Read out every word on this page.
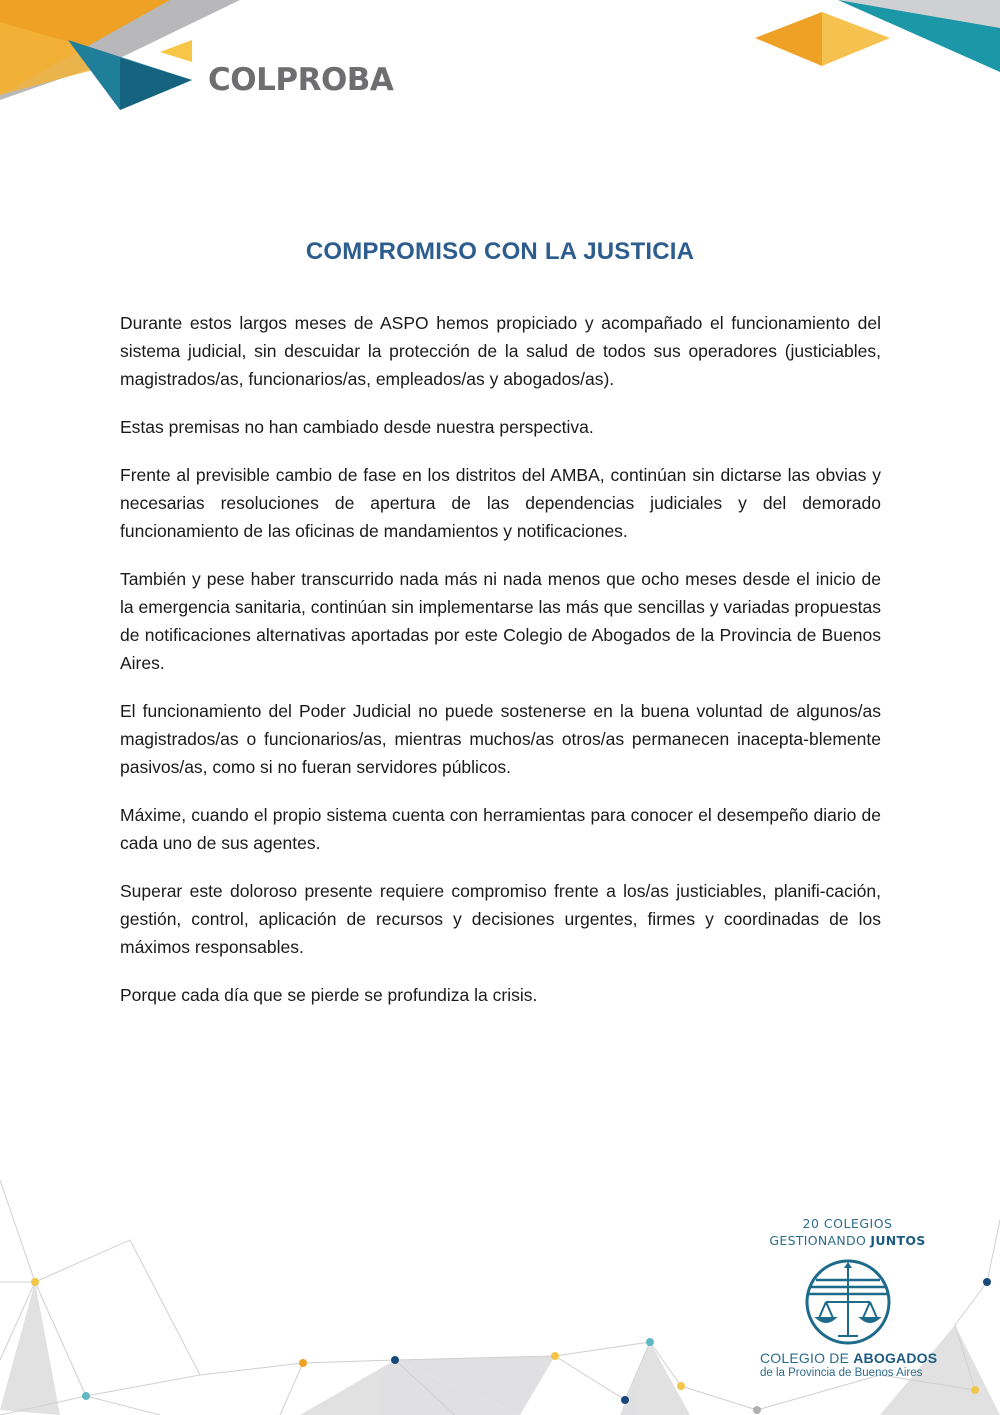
COLPROBA
COMPROMISO CON LA JUSTICIA

Durante estos largos meses de ASPO hemos propiciado y acompañado el funcionamiento del sistema judicial, sin descuidar la protección de la salud de todos sus operadores (justiciables, magistrados/as, funcionarios/as, empleados/as y abogados/as).

Estas premisas no han cambiado desde nuestra perspectiva.

Frente al previsible cambio de fase en los distritos del AMBA, continúan sin dictarse las obvias y necesarias resoluciones de apertura de las dependencias judiciales y del demorado funcionamiento de las oficinas de mandamientos y notificaciones.

También y pese haber transcurrido nada más ni nada menos que ocho meses desde el inicio de la emergencia sanitaria, continúan sin implementarse las más que sencillas y variadas propuestas de notificaciones alternativas aportadas por este Colegio de Abogados de la Provincia de Buenos Aires.

El funcionamiento del Poder Judicial no puede sostenerse en la buena voluntad de algunos/as magistrados/as o funcionarios/as, mientras muchos/as otros/as permanecen inacepta-blemente pasivos/as, como si no fueran servidores públicos.

Máxime, cuando el propio sistema cuenta con herramientas para conocer el desempeño diario de cada uno de sus agentes.

Superar este doloroso presente requiere compromiso frente a los/as justiciables, planifi-cación, gestión, control, aplicación de recursos y decisiones urgentes, firmes y coordinadas de los máximos responsables.

Porque cada día que se pierde se profundiza la crisis.

20 COLEGIOS
GESTIONANDO JUNTOS
COLEGIO DE ABOGADOS
de la Provincia de Buenos Aires
